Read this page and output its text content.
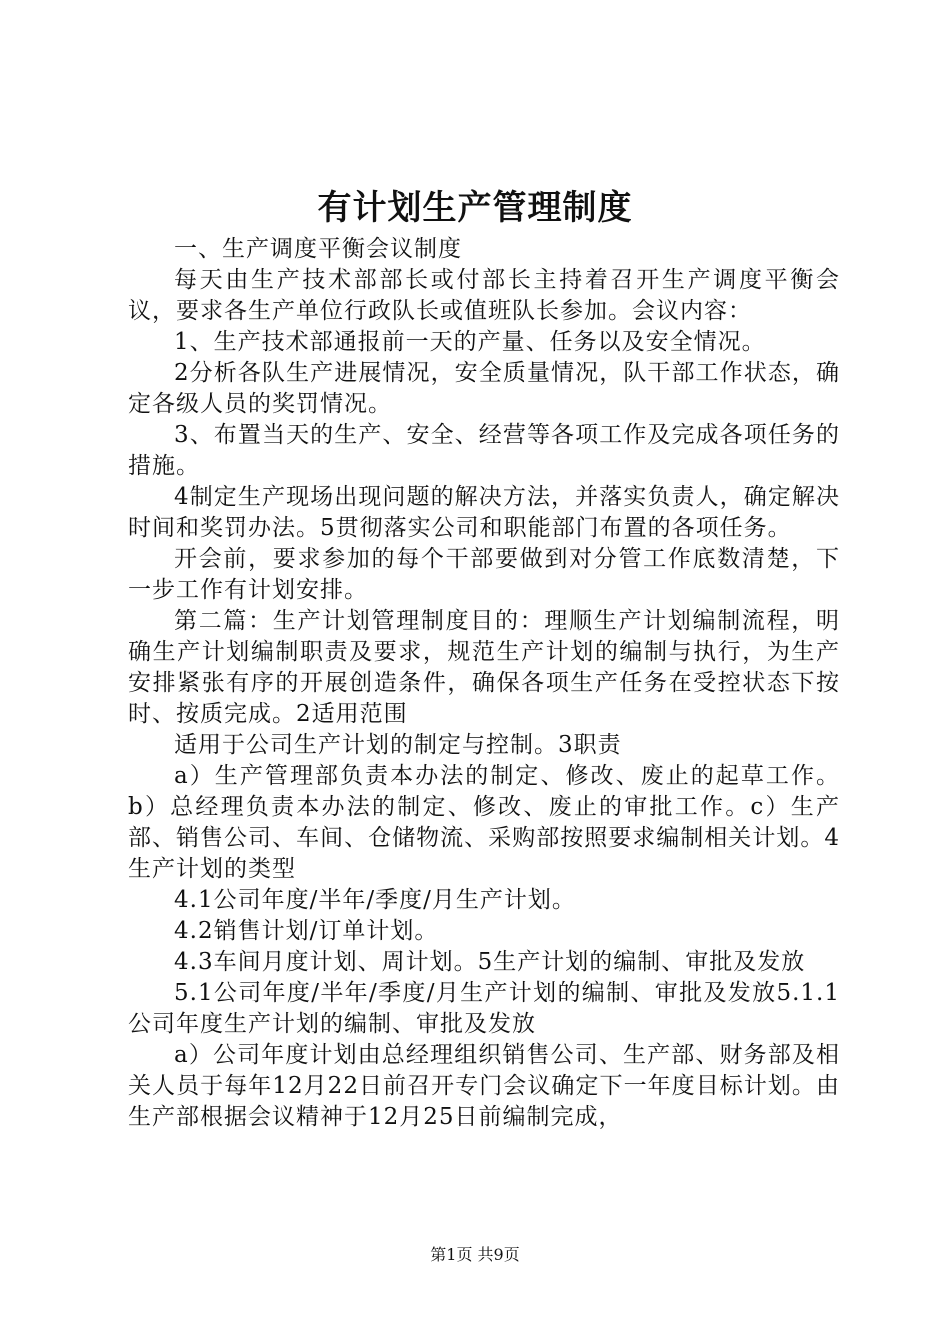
有计划生产管理制度

一、生产调度平衡会议制度

每天由生产技术部部长或付部长主持着召开生产调度平衡会议，要求各生产单位行政队长或值班队长参加。会议内容：

1、生产技术部通报前一天的产量、任务以及安全情况。

2分析各队生产进展情况，安全质量情况，队干部工作状态，确定各级人员的奖罚情况。

3、布置当天的生产、安全、经营等各项工作及完成各项任务的措施。

4制定生产现场出现问题的解决方法，并落实负责人，确定解决时间和奖罚办法。5贯彻落实公司和职能部门布置的各项任务。

开会前，要求参加的每个干部要做到对分管工作底数清楚，下一步工作有计划安排。

第二篇：生产计划管理制度目的：理顺生产计划编制流程，明确生产计划编制职责及要求，规范生产计划的编制与执行，为生产安排紧张有序的开展创造条件，确保各项生产任务在受控状态下按时、按质完成。2适用范围

适用于公司生产计划的制定与控制。3职责

a）生产管理部负责本办法的制定、修改、废止的起草工作。b）总经理负责本办法的制定、修改、废止的审批工作。c）生产部、销售公司、车间、仓储物流、采购部按照要求编制相关计划。4生产计划的类型

4.1公司年度/半年/季度/月生产计划。

4.2销售计划/订单计划。

4.3车间月度计划、周计划。5生产计划的编制、审批及发放

5.1公司年度/半年/季度/月生产计划的编制、审批及发放5.1.1公司年度生产计划的编制、审批及发放

a）公司年度计划由总经理组织销售公司、生产部、财务部及相关人员于每年12月22日前召开专门会议确定下一年度目标计划。由生产部根据会议精神于12月25日前编制完成，

第1页 共9页
